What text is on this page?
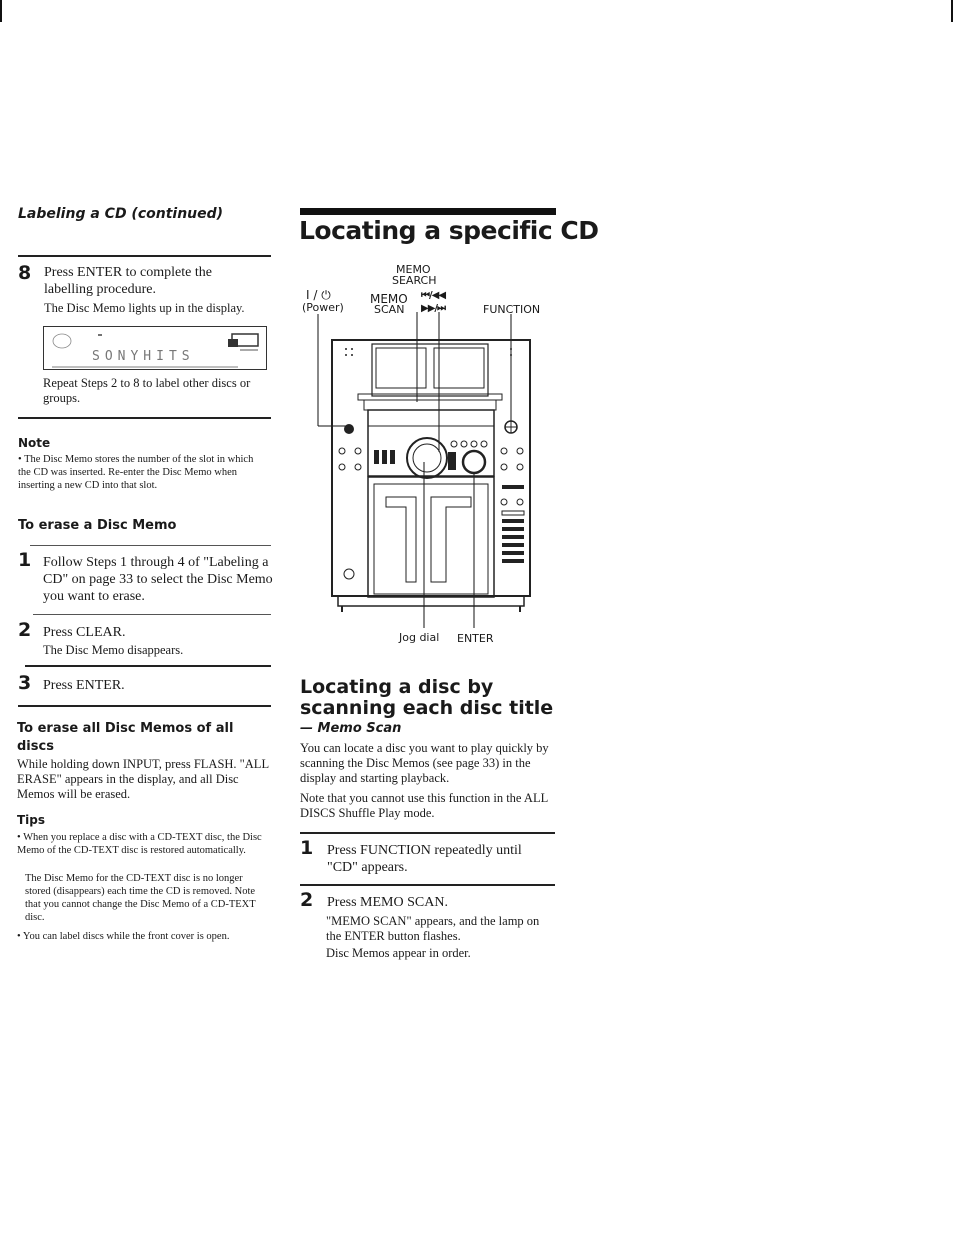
Labeling a CD (continued)
8 Press ENTER to complete the labelling procedure.
The Disc Memo lights up in the display.
SONYHITS
Repeat Steps 2 to 8 to label other discs or groups.
Note
• The Disc Memo stores the number of the slot in which the CD was inserted. Re-enter the Disc Memo when inserting a new CD into that slot.
To erase a Disc Memo
1 Follow Steps 1 through 4 of "Labeling a CD" on page 33 to select the Disc Memo you want to erase.
2 Press CLEAR.
The Disc Memo disappears.
3 Press ENTER.
To erase all Disc Memos of all discs
While holding down INPUT, press FLASH. "ALL ERASE" appears in the display, and all Disc Memos will be erased.
Tips
• When you replace a disc with a CD-TEXT disc, the Disc Memo of the CD-TEXT disc is restored automatically.
The Disc Memo for the CD-TEXT disc is no longer stored (disappears) each time the CD is removed. Note that you cannot change the Disc Memo of a CD-TEXT disc.
• You can label discs while the front cover is open.
Locating a specific CD
I / ⏻
(Power)
MEMO
SEARCH
MEMO
SCAN
⏮/◀◀
▶▶/⏭	FUNCTION
Jog dial ENTER
Locating a disc by
scanning each disc title
— Memo Scan
You can locate a disc you want to play quickly by scanning the Disc Memos (see page 33) in the display and starting playback.
Note that you cannot use this function in the ALL DISCS Shuffle Play mode.
1 Press FUNCTION repeatedly until "CD" appears.
2 Press MEMO SCAN.
"MEMO SCAN" appears, and the lamp on the ENTER button flashes.
Disc Memos appear in order.
